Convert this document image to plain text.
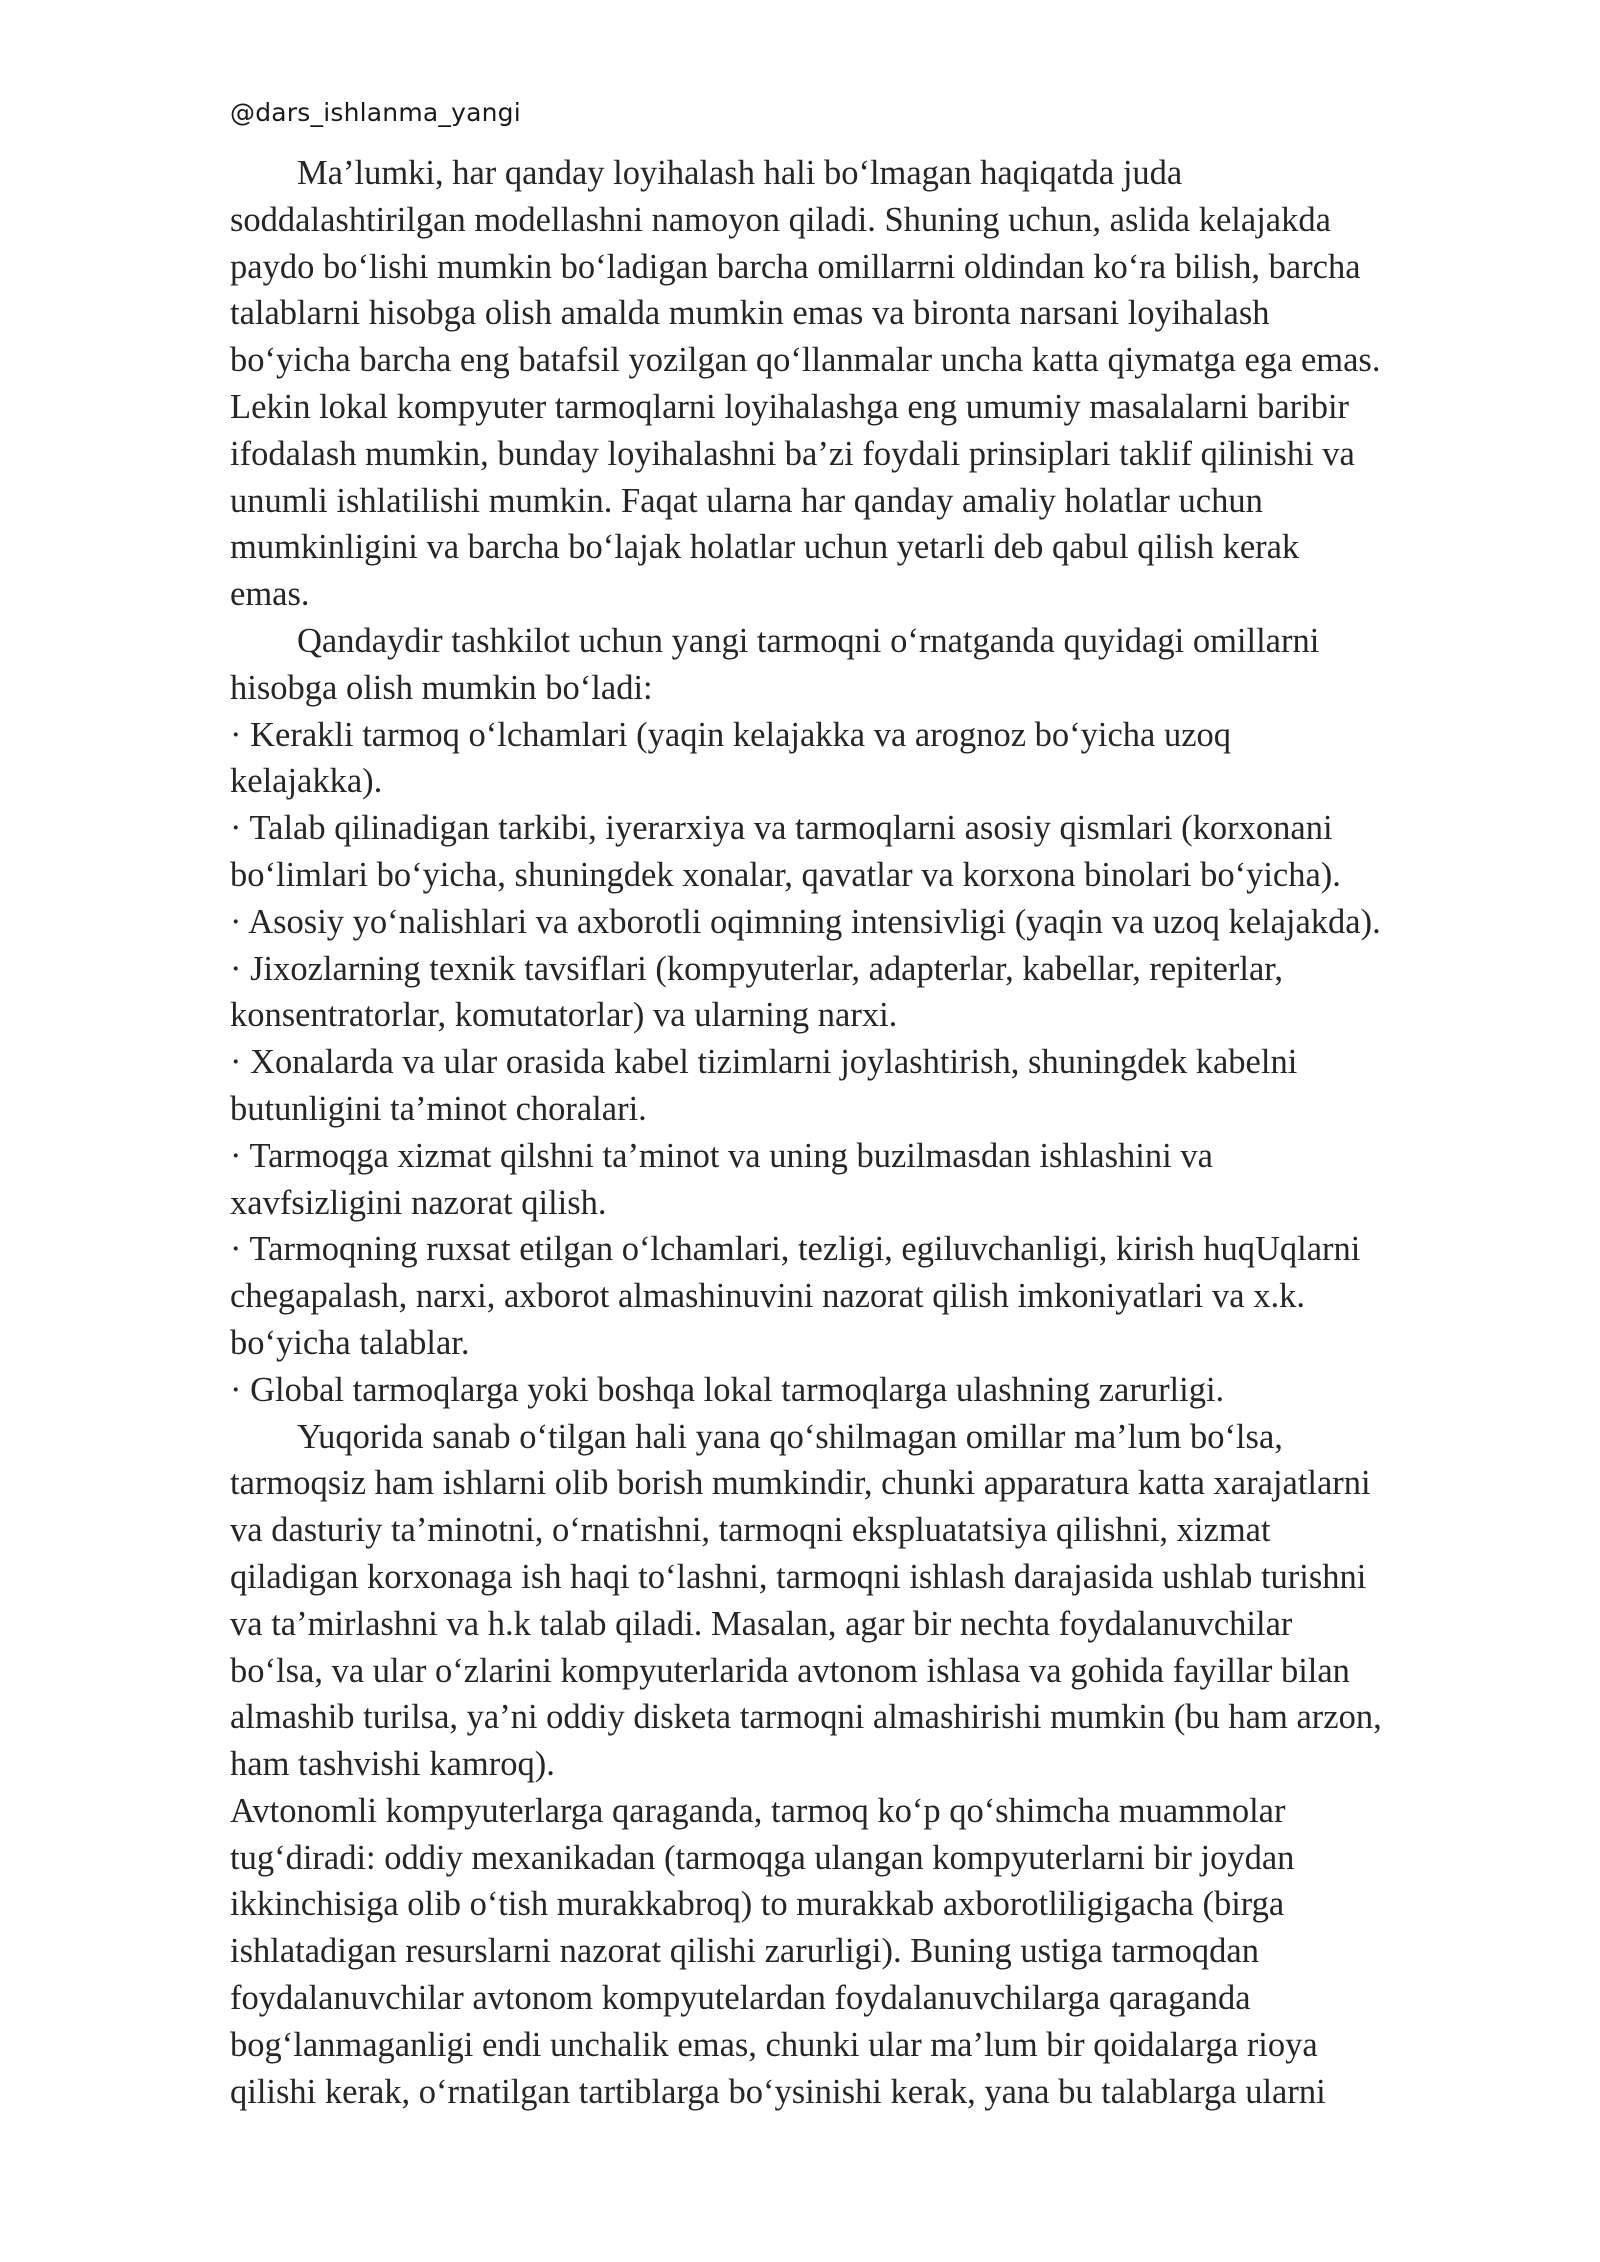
@dars_ishlanma_yangi
Ma’lumki, har qanday loyihalash hali bo‘lmagan haqiqatda juda
soddalashtirilgan modellashni namoyon qiladi. Shuning uchun, aslida kelajakda
paydo bo‘lishi mumkin bo‘ladigan barcha omillarrni oldindan ko‘ra bilish, barcha
talablarni hisobga olish amalda mumkin emas va bironta narsani loyihalash
bo‘yicha barcha eng batafsil yozilgan qo‘llanmalar uncha katta qiymatga ega emas.
Lekin lokal kompyuter tarmoqlarni loyihalashga eng umumiy masalalarni baribir
ifodalash mumkin, bunday loyihalashni ba’zi foydali prinsiplari taklif qilinishi va
unumli ishlatilishi mumkin. Faqat ularna har qanday amaliy holatlar uchun
mumkinligini va barcha bo‘lajak holatlar uchun yetarli deb qabul qilish kerak
emas.
Qandaydir tashkilot uchun yangi tarmoqni o‘rnatganda quyidagi omillarni
hisobga olish mumkin bo‘ladi:
· Kerakli tarmoq o‘lchamlari (yaqin kelajakka va arognoz bo‘yicha uzoq
kelajakka).
· Talab qilinadigan tarkibi, iyerarxiya va tarmoqlarni asosiy qismlari (korxonani
bo‘limlari bo‘yicha, shuningdek xonalar, qavatlar va korxona binolari bo‘yicha).
· Asosiy yo‘nalishlari va axborotli oqimning intensivligi (yaqin va uzoq kelajakda).
· Jixozlarning texnik tavsiflari (kompyuterlar, adapterlar, kabellar, repiterlar,
konsentratorlar, komutatorlar) va ularning narxi.
· Xonalarda va ular orasida kabel tizimlarni joylashtirish, shuningdek kabelni
butunligini ta’minot choralari.
· Tarmoqga xizmat qilshni ta’minot va uning buzilmasdan ishlashini va
xavfsizligini nazorat qilish.
· Tarmoqning ruxsat etilgan o‘lchamlari, tezligi, egiluvchanligi, kirish huqUqlarni
chegapalash, narxi, axborot almashinuvini nazorat qilish imkoniyatlari va x.k.
bo‘yicha talablar.
· Global tarmoqlarga yoki boshqa lokal tarmoqlarga ulashning zarurligi.
Yuqorida sanab o‘tilgan hali yana qo‘shilmagan omillar ma’lum bo‘lsa,
tarmoqsiz ham ishlarni olib borish mumkindir, chunki apparatura katta xarajatlarni
va dasturiy ta’minotni, o‘rnatishni, tarmoqni ekspluatatsiya qilishni, xizmat
qiladigan korxonaga ish haqi to‘lashni, tarmoqni ishlash darajasida ushlab turishni
va ta’mirlashni va h.k talab qiladi. Masalan, agar bir nechta foydalanuvchilar
bo‘lsa, va ular o‘zlarini kompyuterlarida avtonom ishlasa va gohida fayillar bilan
almashib turilsa, ya’ni oddiy disketa tarmoqni almashirishi mumkin (bu ham arzon,
ham tashvishi kamroq).
Avtonomli kompyuterlarga qaraganda, tarmoq ko‘p qo‘shimcha muammolar
tug‘diradi: oddiy mexanikadan (tarmoqga ulangan kompyuterlarni bir joydan
ikkinchisiga olib o‘tish murakkabroq) to murakkab axborotliligigacha (birga
ishlatadigan resurslarni nazorat qilishi zarurligi). Buning ustiga tarmoqdan
foydalanuvchilar avtonom kompyutelardan foydalanuvchilarga qaraganda
bog‘lanmaganligi endi unchalik emas, chunki ular ma’lum bir qoidalarga rioya
qilishi kerak, o‘rnatilgan tartiblarga bo‘ysinishi kerak, yana bu talablarga ularni
